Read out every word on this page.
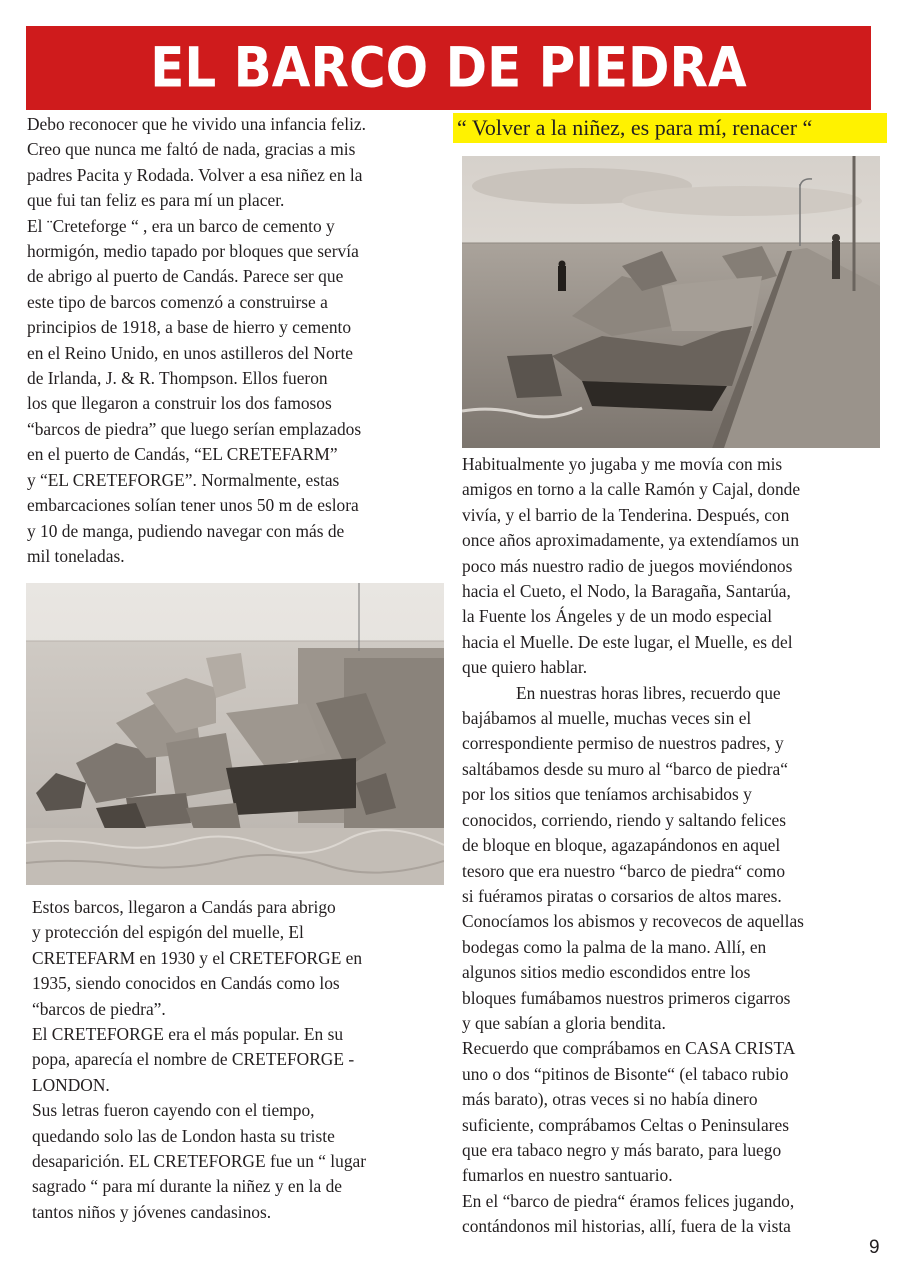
EL BARCO DE PIEDRA
“ Volver a la niñez, es para mí, renacer “

Debo reconocer que he vivido una infancia feliz.

Creo que nunca me faltó de nada, gracias a mis

padres Pacita y Rodada. Volver a esa niñez en la

que fui tan feliz es para mí un placer.

El ¨Creteforge “ , era un barco de cemento y

hormigón, medio tapado por bloques que servía

de abrigo al puerto de Candás. Parece ser que

este tipo de barcos comenzó a construirse a

principios de 1918, a base de hierro y cemento

en el Reino Unido, en unos astilleros del Norte

de Irlanda, J. & R. Thompson. Ellos fueron

los que llegaron a construir los dos famosos

“barcos de piedra” que luego serían emplazados

en el puerto de Candás, “EL CRETEFARM”

y “EL CRETEFORGE”. Normalmente, estas

embarcaciones solían tener unos 50 m de eslora

y 10 de manga, pudiendo navegar con más de

mil toneladas.

Estos barcos, llegaron a Candás para abrigo

y protección del espigón del muelle, El

CRETEFARM en 1930 y el CRETEFORGE en

1935, siendo conocidos en Candás como los

“barcos de piedra”.

El CRETEFORGE era el más popular. En su

popa, aparecía el nombre de CRETEFORGE -

LONDON.

Sus letras fueron cayendo con el tiempo,

quedando solo las de London hasta su triste

desaparición. EL CRETEFORGE fue un “ lugar

sagrado “ para mí durante la niñez y en la de

tantos niños y jóvenes candasinos.

Habitualmente yo jugaba y me movía con mis

amigos en torno a la calle Ramón y Cajal, donde

vivía, y el barrio de la Tenderina. Después, con

once años aproximadamente, ya extendíamos un

poco más nuestro radio de juegos moviéndonos

hacia el Cueto, el Nodo, la Baragaña, Santarúa,

la Fuente los Ángeles y de un modo especial

hacia el Muelle. De este lugar, el Muelle, es del

que quiero hablar.

En nuestras horas libres, recuerdo que

bajábamos al muelle, muchas veces sin el

correspondiente permiso de nuestros padres, y

saltábamos desde su muro al “barco de piedra“

por los sitios que teníamos archisabidos y

conocidos, corriendo, riendo y saltando felices

de bloque en bloque, agazapándonos en aquel

tesoro que era nuestro “barco de piedra“ como

si fuéramos piratas o corsarios de altos mares.

Conocíamos los abismos y recovecos de aquellas

bodegas como la palma de la mano. Allí, en

algunos sitios medio escondidos entre los

bloques fumábamos nuestros primeros cigarros

y que sabían a gloria bendita.

Recuerdo que comprábamos en CASA CRISTA

uno o dos “pitinos de Bisonte“ (el tabaco rubio

más barato), otras veces si no había dinero

suficiente, comprábamos Celtas o Peninsulares

que era tabaco negro y más barato, para luego

fumarlos en nuestro santuario.

En el “barco de piedra“ éramos felices jugando,

contándonos mil historias, allí, fuera de la vista

9
